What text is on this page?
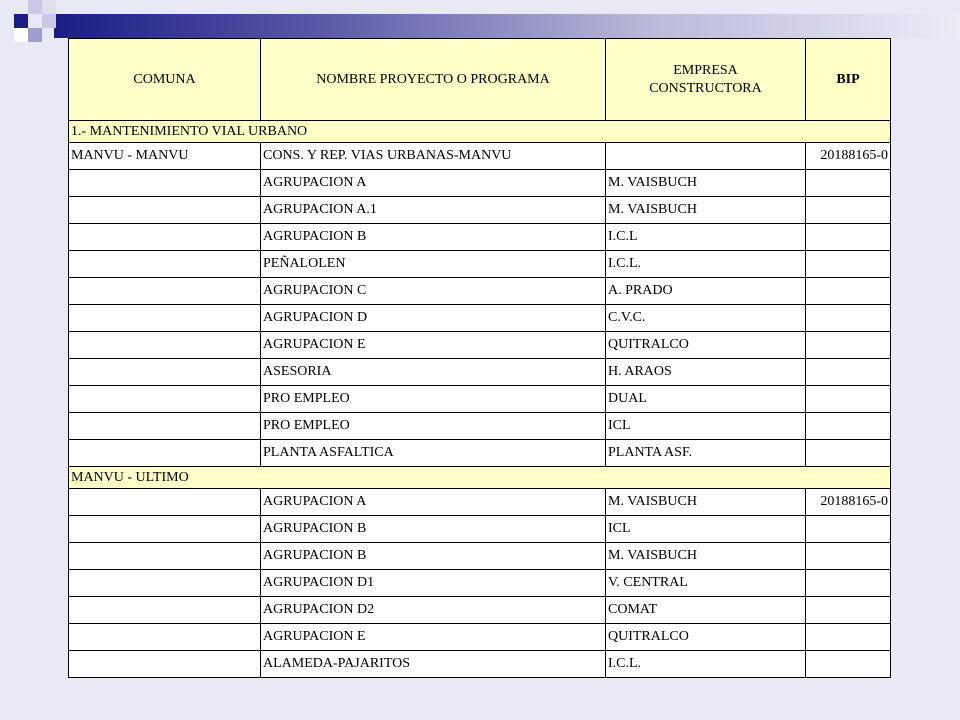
COMUNA	NOMBRE PROYECTO O PROGRAMA	EMPRESA
CONSTRUCTORA	BIP
1.- MANTENIMIENTO VIAL URBANO			
MANVU - MANVU	CONS. Y REP. VIAS URBANAS-MANVU		20188165-0
	AGRUPACION A	M. VAISBUCH	
	AGRUPACION A.1	M. VAISBUCH	
	AGRUPACION B	I.C.L	
	PEÑALOLEN	I.C.L.	
	AGRUPACION C	A. PRADO	
	AGRUPACION D	C.V.C.	
	AGRUPACION E	QUITRALCO	
	ASESORIA	H. ARAOS	
	PRO EMPLEO	DUAL	
	PRO EMPLEO	ICL	
	PLANTA ASFALTICA	PLANTA ASF.	
MANVU - ULTIMO			
	AGRUPACION A	M. VAISBUCH	20188165-0
	AGRUPACION B	ICL	
	AGRUPACION B	M. VAISBUCH	
	AGRUPACION D1	V. CENTRAL	
	AGRUPACION D2	COMAT	
	AGRUPACION E	QUITRALCO	
	ALAMEDA-PAJARITOS	I.C.L.	
